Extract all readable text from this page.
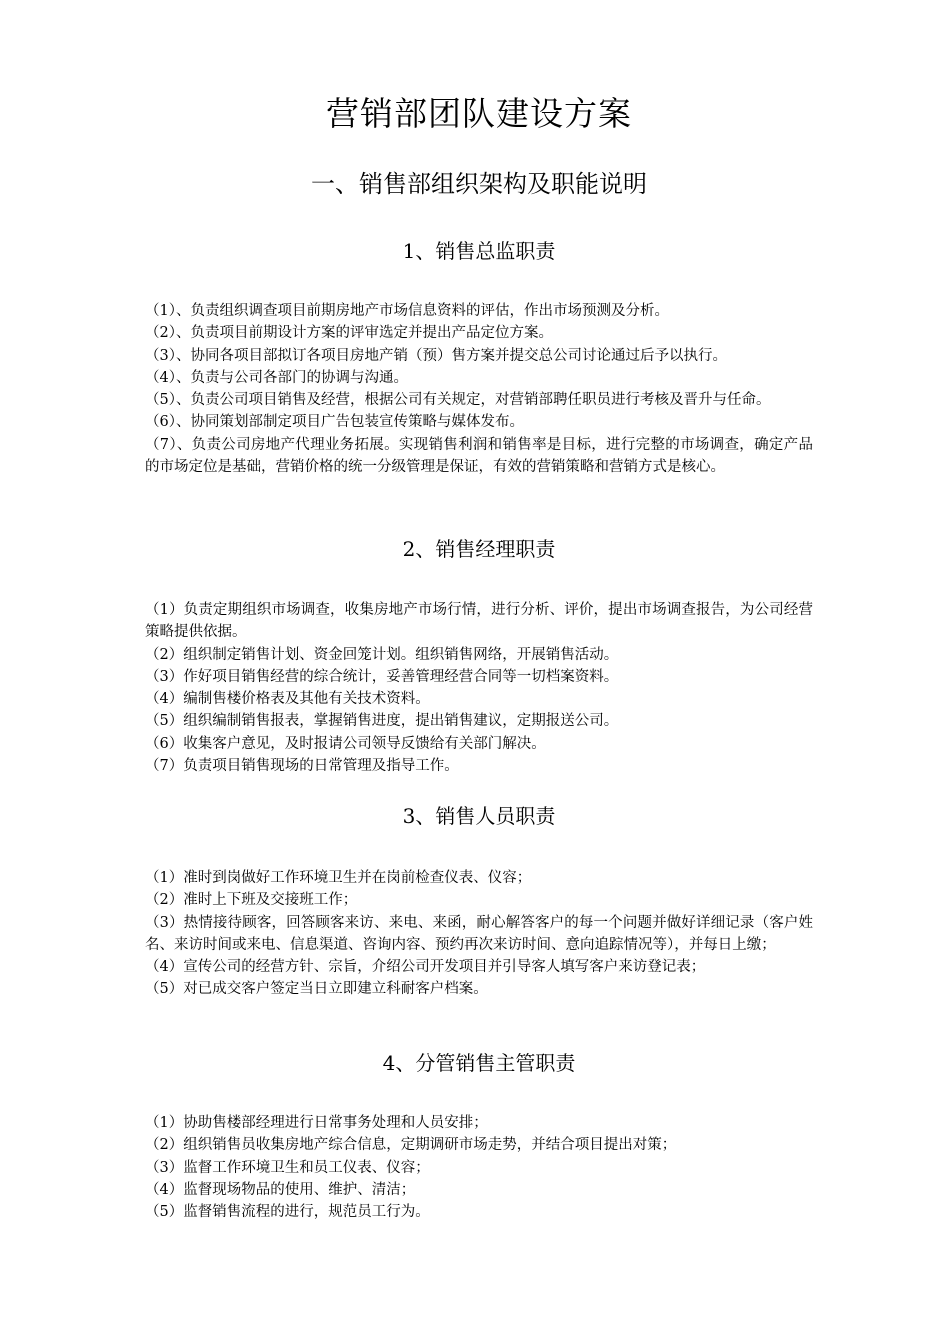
营销部团队建设方案
一、销售部组织架构及职能说明
1、销售总监职责
（1）、负责组织调查项目前期房地产市场信息资料的评估，作出市场预测及分析。
（2）、负责项目前期设计方案的评审选定并提出产品定位方案。
（3）、协同各项目部拟订各项目房地产销（预）售方案并提交总公司讨论通过后予以执行。
（4）、负责与公司各部门的协调与沟通。
（5）、负责公司项目销售及经营，根据公司有关规定，对营销部聘任职员进行考核及晋升与任命。
（6）、协同策划部制定项目广告包装宣传策略与媒体发布。
（7）、负责公司房地产代理业务拓展。实现销售利润和销售率是目标，进行完整的市场调查，确定产品的市场定位是基础，营销价格的统一分级管理是保证，有效的营销策略和营销方式是核心。
2、销售经理职责
（1）负责定期组织市场调查，收集房地产市场行情，进行分析、评价，提出市场调查报告，为公司经营策略提供依据。
（2）组织制定销售计划、资金回笼计划。组织销售网络，开展销售活动。
（3）作好项目销售经营的综合统计，妥善管理经营合同等一切档案资料。
（4）编制售楼价格表及其他有关技术资料。
（5）组织编制销售报表，掌握销售进度，提出销售建议，定期报送公司。
（6）收集客户意见，及时报请公司领导反馈给有关部门解决。
（7）负责项目销售现场的日常管理及指导工作。
3、销售人员职责
（1）准时到岗做好工作环境卫生并在岗前检查仪表、仪容；
（2）准时上下班及交接班工作；
（3）热情接待顾客，回答顾客来访、来电、来函，耐心解答客户的每一个问题并做好详细记录（客户姓名、来访时间或来电、信息渠道、咨询内容、预约再次来访时间、意向追踪情况等），并每日上缴；
（4）宣传公司的经营方针、宗旨，介绍公司开发项目并引导客人填写客户来访登记表；
（5）对已成交客户签定当日立即建立科耐客户档案。
4、分管销售主管职责
（1）协助售楼部经理进行日常事务处理和人员安排；
（2）组织销售员收集房地产综合信息，定期调研市场走势，并结合项目提出对策；
（3）监督工作环境卫生和员工仪表、仪容；
（4）监督现场物品的使用、维护、清洁；
（5）监督销售流程的进行，规范员工行为。
